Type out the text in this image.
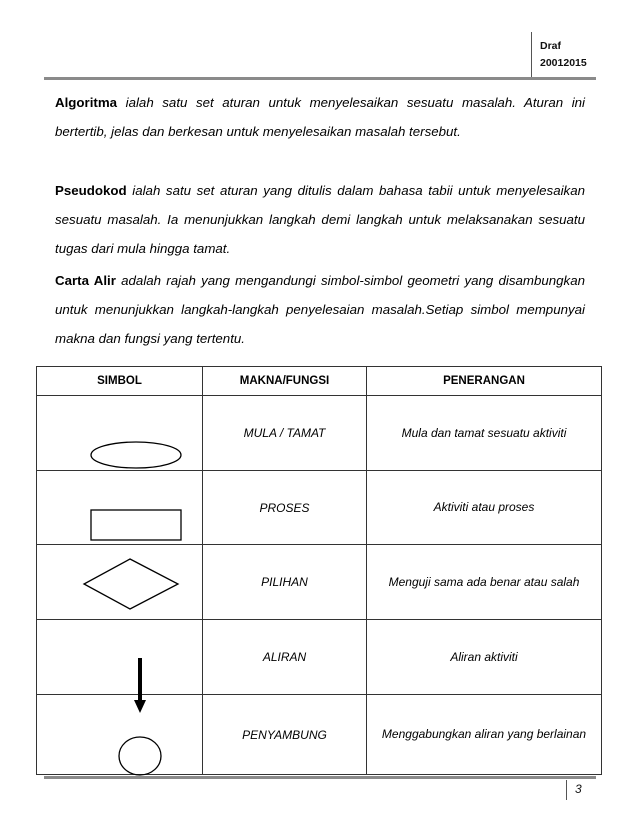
Draf
20012015
Algoritma ialah satu set aturan untuk menyelesaikan sesuatu masalah. Aturan ini bertertib, jelas dan berkesan untuk menyelesaikan masalah tersebut.
Pseudokod ialah satu set aturan yang ditulis dalam bahasa tabii untuk menyelesaikan sesuatu masalah. Ia menunjukkan langkah demi langkah untuk melaksanakan sesuatu tugas dari mula hingga tamat.
Carta Alir adalah rajah yang mengandungi simbol-simbol geometri yang disambungkan untuk menunjukkan langkah-langkah penyelesaian masalah.Setiap simbol mempunyai makna dan fungsi yang tertentu.
SIMBOL	MAKNA/FUNGSI	PENERANGAN

	MULA / TAMAT	Mula dan tamat sesuatu aktiviti

	PROSES	Aktiviti atau proses

	PILIHAN	Menguji sama ada benar atau salah

	ALIRAN	Aliran aktiviti

	PENYAMBUNG	Menggabungkan aliran yang berlainan
3
